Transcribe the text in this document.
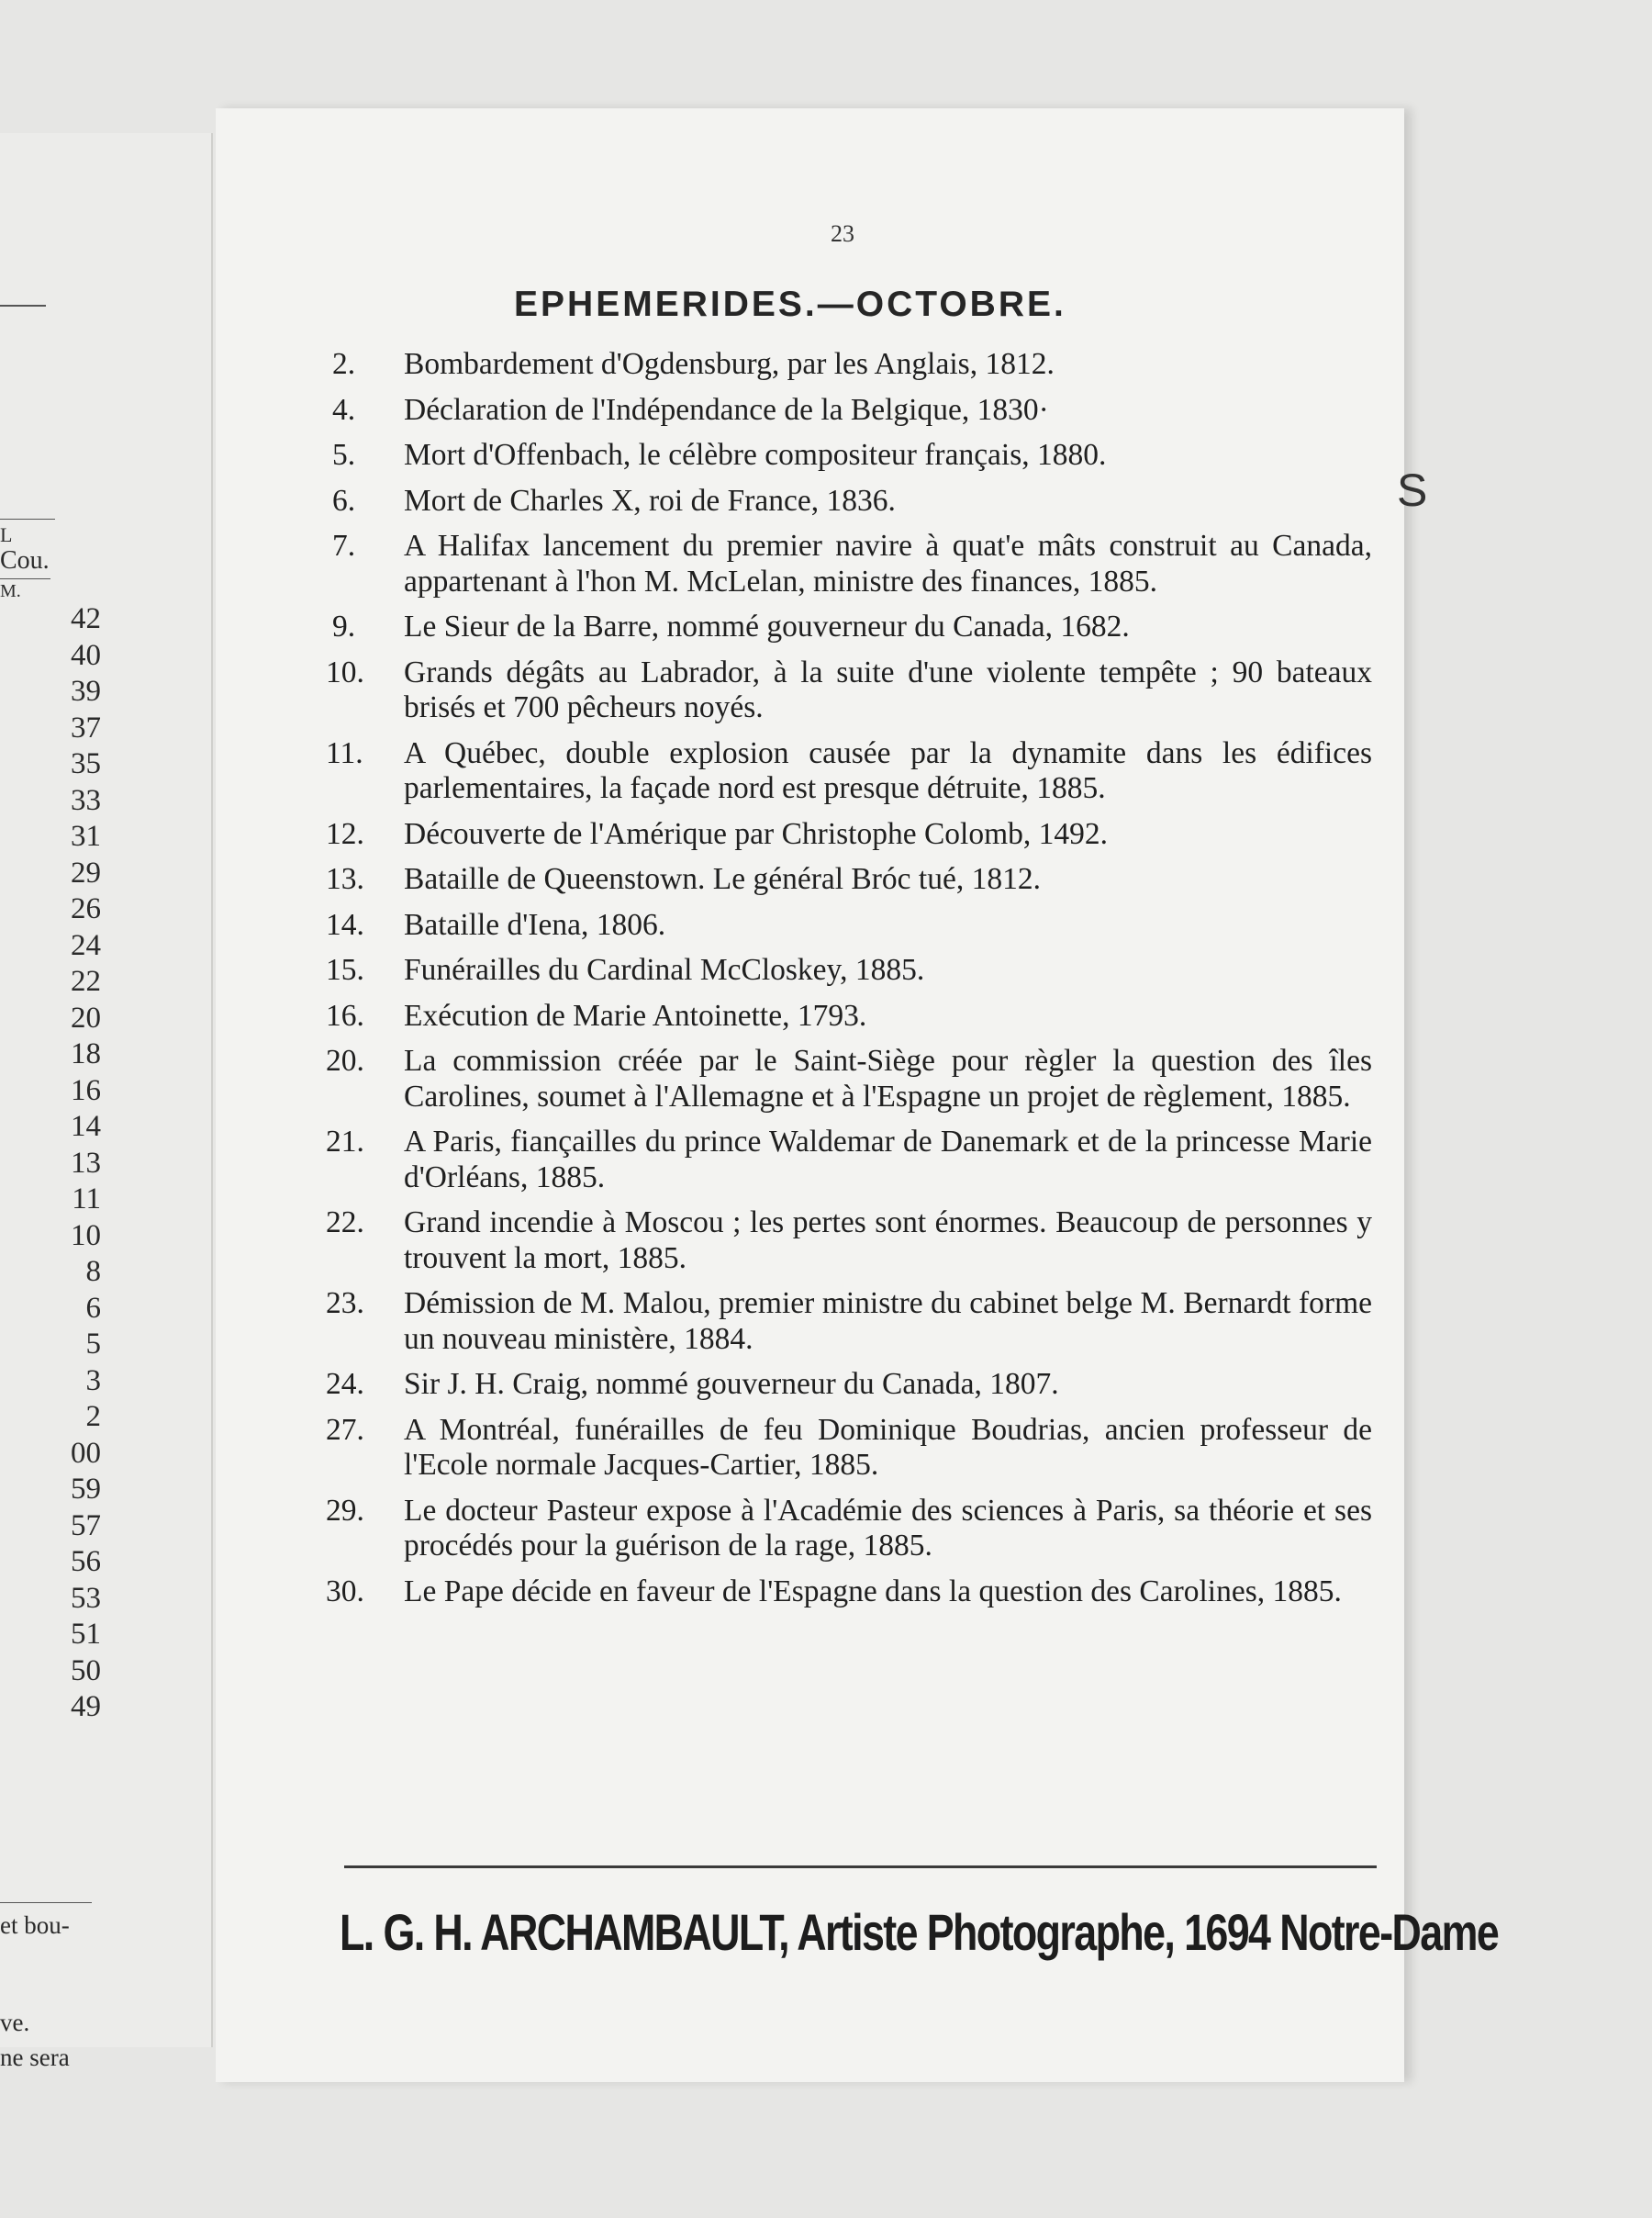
L
Cou.
M.
et bou-
ve.
ne sera
42
40
39
37
35
33
31
29
26
24
22
20
18
16
14
13
11
10
8
6
5
3
2
00
59
57
56
53
51
50
49
23
EPHEMERIDES.—OCTOBRE.
2.	Bombardement d'Ogdensburg, par les Anglais, 1812.
4.	Déclaration de l'Indépendance de la Belgique, 1830·
5.	Mort d'Offenbach, le célèbre compositeur français, 1880.
6.	Mort de Charles X, roi de France, 1836.
7.	A Halifax lancement du premier navire à quat'e mâts construit au Canada, appartenant à l'hon M. McLelan, ministre des finances, 1885.
9.	Le Sieur de la Barre, nommé gouverneur du Canada, 1682.
10.	Grands dégâts au Labrador, à la suite d'une violente tempête ; 90 bateaux brisés et 700 pêcheurs noyés.
11.	A Québec, double explosion causée par la dynamite dans les édifices parlementaires, la façade nord est presque détruite, 1885.
12.	Découverte de l'Amérique par Christophe Colomb, 1492.
13.	Bataille de Queenstown. Le général Bróc tué, 1812.
14.	Bataille d'Iena, 1806.
15.	Funérailles du Cardinal McCloskey, 1885.
16.	Exécution de Marie Antoinette, 1793.
20.	La commission créée par le Saint-Siège pour règler la question des îles Carolines, soumet à l'Allemagne et à l'Espagne un projet de règlement, 1885.
21.	A Paris, fiançailles du prince Waldemar de Danemark et de la princesse Marie d'Orléans, 1885.
22.	Grand incendie à Moscou ; les pertes sont énormes. Beaucoup de personnes y trouvent la mort, 1885.
23.	Démission de M. Malou, premier ministre du cabinet belge M. Bernardt forme un nouveau ministère, 1884.
24.	Sir J. H. Craig, nommé gouverneur du Canada, 1807.
27.	A Montréal, funérailles de feu Dominique Boudrias, ancien professeur de l'Ecole normale Jacques-Cartier, 1885.
29.	Le docteur Pasteur expose à l'Académie des sciences à Paris, sa théorie et ses procédés pour la guérison de la rage, 1885.
30.	Le Pape décide en faveur de l'Espagne dans la question des Carolines, 1885.
L. G. H. ARCHAMBAULT, Artiste Photographe, 1694 Notre-Dame
S
